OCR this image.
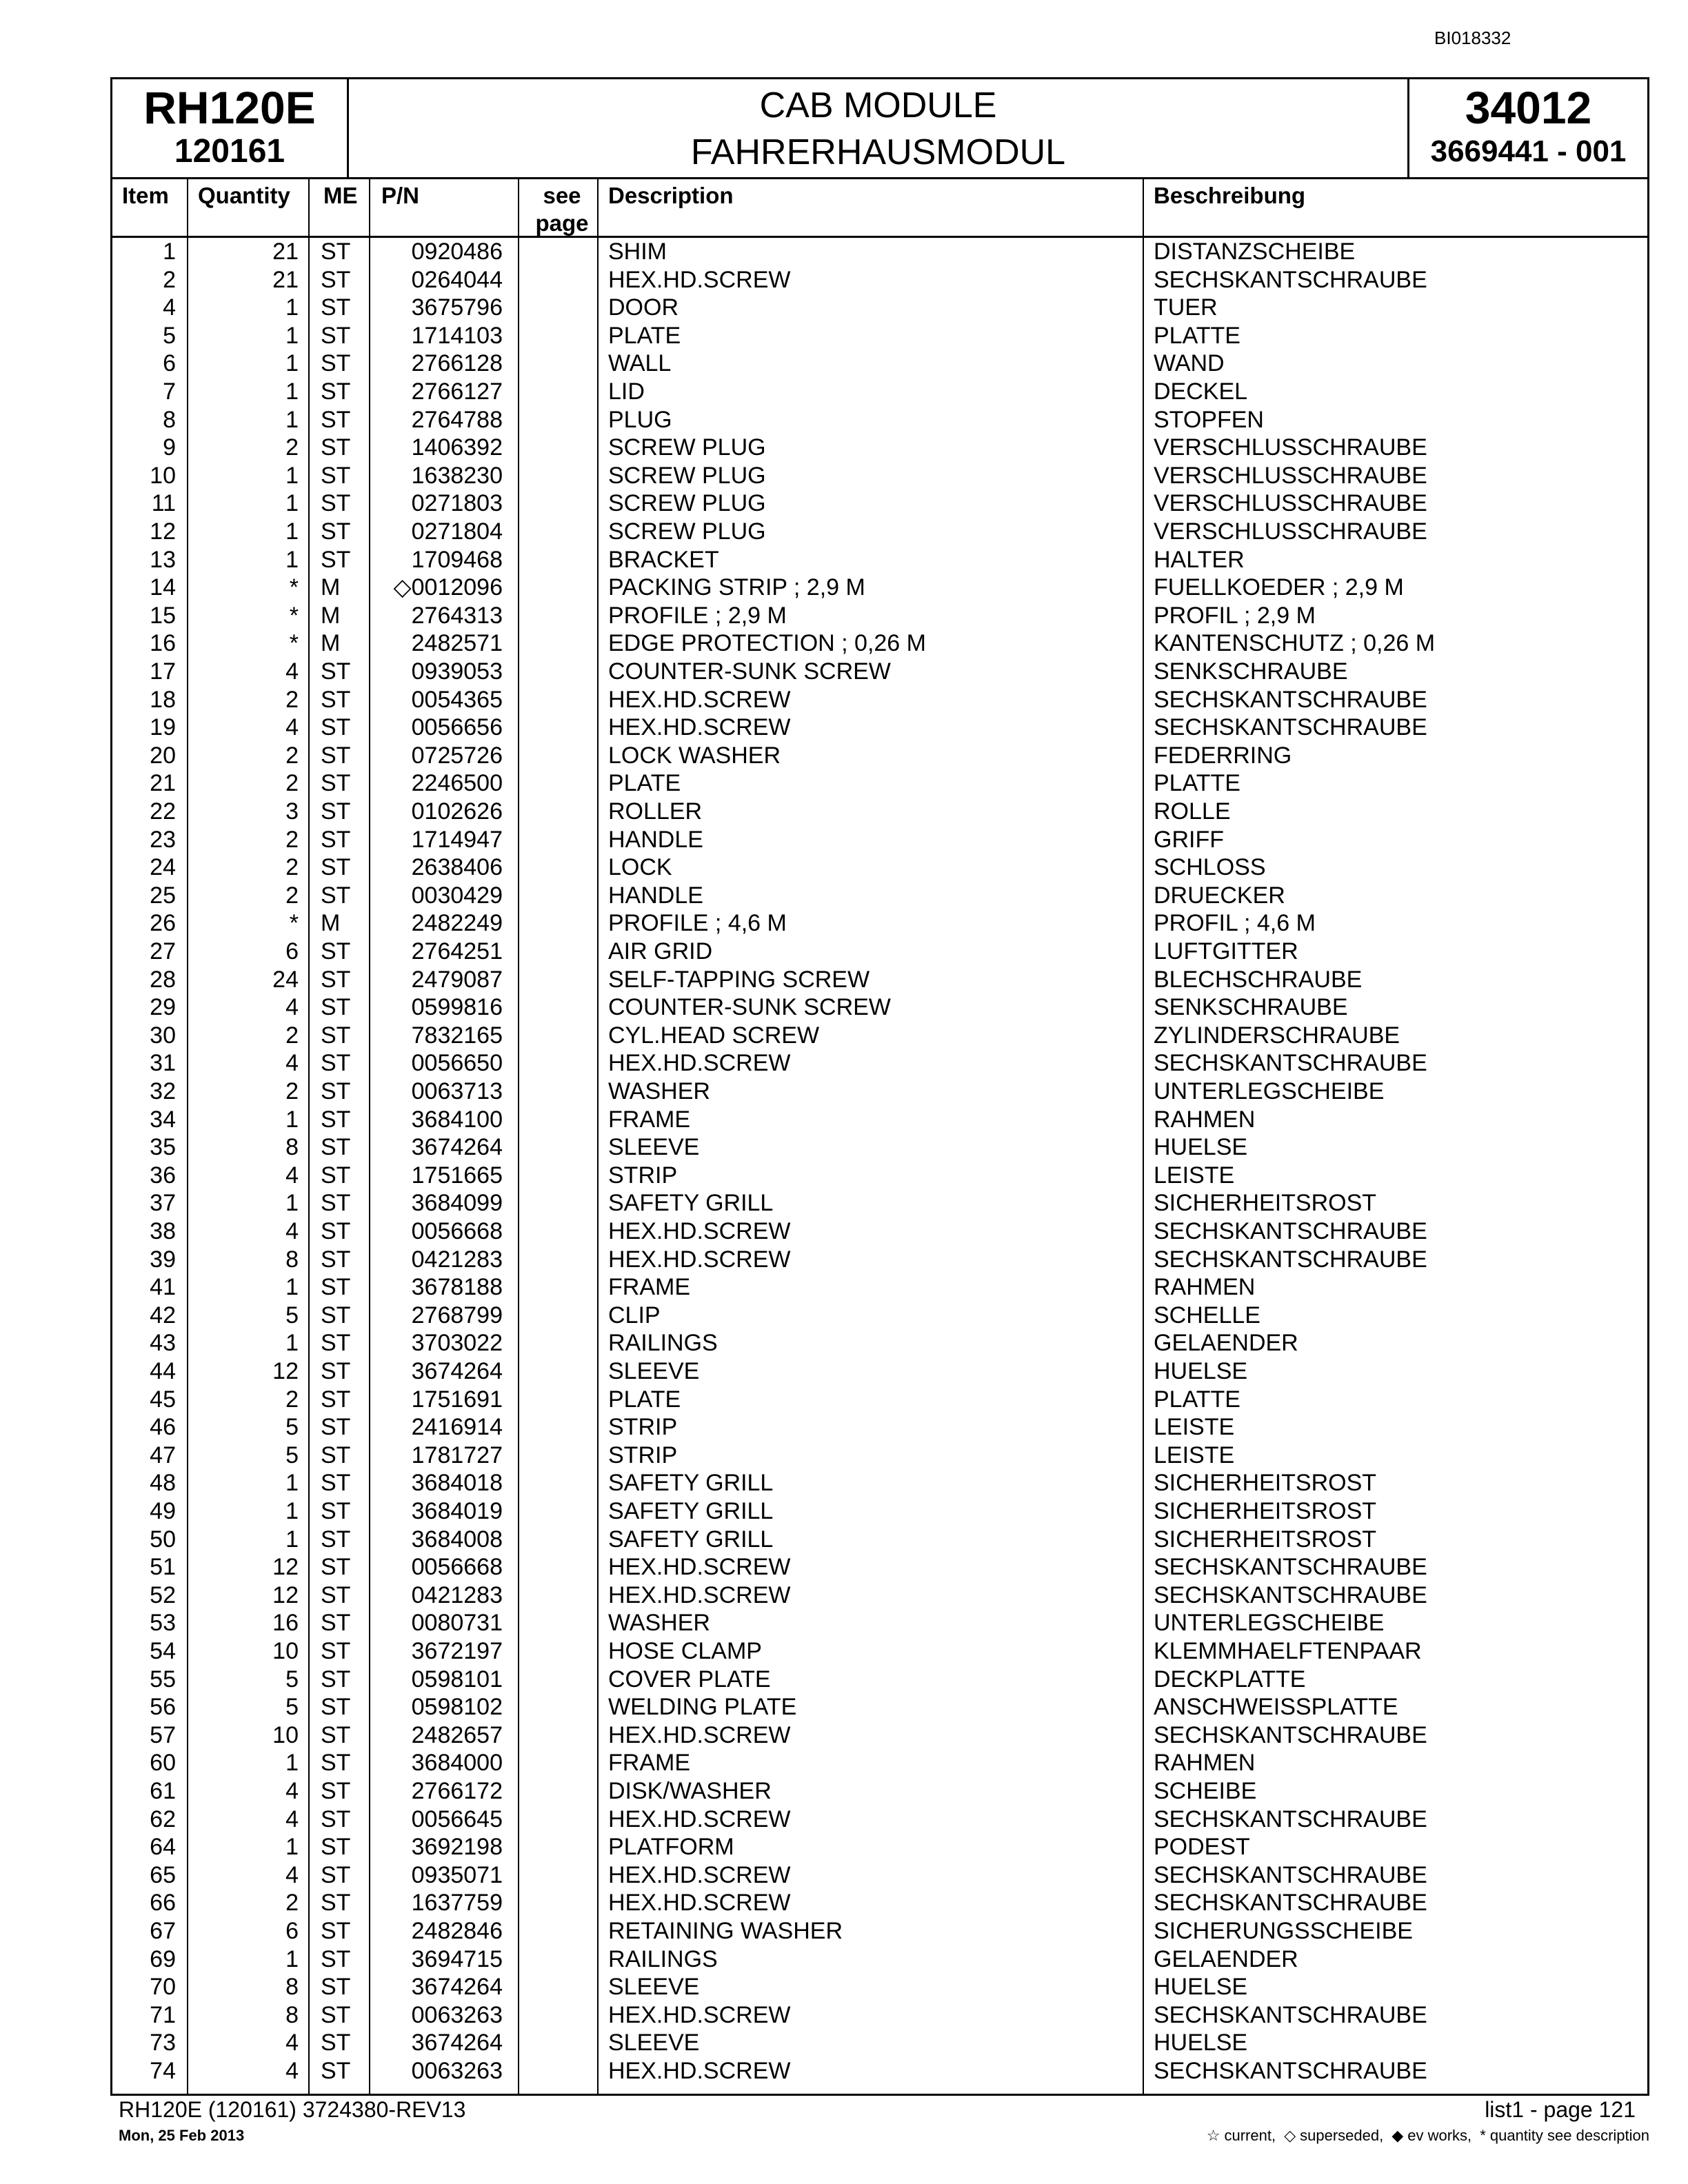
BI018332
RH120E
120161
CAB MODULE
FAHRERHAUSMODUL
34012
3669441 - 001
Item	Quantity	ME	P/N	see
page
Description	Beschreibung
1	21 ST	0920486	SHIM	DISTANZSCHEIBE
2	21 ST	0264044	HEX.HD.SCREW	SECHSKANTSCHRAUBE
4	1 ST	3675796	DOOR	TUER
5	1 ST	1714103	PLATE	PLATTE
6	1 ST	2766128	WALL	WAND
7	1 ST	2766127	LID	DECKEL
8	1 ST	2764788	PLUG	STOPFEN
9	2 ST	1406392	SCREW PLUG	VERSCHLUSSCHRAUBE
10	1 ST	1638230	SCREW PLUG	VERSCHLUSSCHRAUBE
11	1 ST	0271803	SCREW PLUG	VERSCHLUSSCHRAUBE
12	1 ST	0271804	SCREW PLUG	VERSCHLUSSCHRAUBE
13	1 ST	1709468	BRACKET	HALTER
14	* M	◇0012096	PACKING STRIP ; 2,9 M	FUELLKOEDER ; 2,9 M
15	* M	2764313	PROFILE ; 2,9 M	PROFIL ; 2,9 M
16	* M	2482571	EDGE PROTECTION ; 0,26 M	KANTENSCHUTZ ; 0,26 M
17	4 ST	0939053	COUNTER-SUNK SCREW	SENKSCHRAUBE
18	2 ST	0054365	HEX.HD.SCREW	SECHSKANTSCHRAUBE
19	4 ST	0056656	HEX.HD.SCREW	SECHSKANTSCHRAUBE
20	2 ST	0725726	LOCK WASHER	FEDERRING
21	2 ST	2246500	PLATE	PLATTE
22	3 ST	0102626	ROLLER	ROLLE
23	2 ST	1714947	HANDLE	GRIFF
24	2 ST	2638406	LOCK	SCHLOSS
25	2 ST	0030429	HANDLE	DRUECKER
26	* M	2482249	PROFILE ; 4,6 M	PROFIL ; 4,6 M
27	6 ST	2764251	AIR GRID	LUFTGITTER
28	24 ST	2479087	SELF-TAPPING SCREW	BLECHSCHRAUBE
29	4 ST	0599816	COUNTER-SUNK SCREW	SENKSCHRAUBE
30	2 ST	7832165	CYL.HEAD SCREW	ZYLINDERSCHRAUBE
31	4 ST	0056650	HEX.HD.SCREW	SECHSKANTSCHRAUBE
32	2 ST	0063713	WASHER	UNTERLEGSCHEIBE
34	1 ST	3684100	FRAME	RAHMEN
35	8 ST	3674264	SLEEVE	HUELSE
36	4 ST	1751665	STRIP	LEISTE
37	1 ST	3684099	SAFETY GRILL	SICHERHEITSROST
38	4 ST	0056668	HEX.HD.SCREW	SECHSKANTSCHRAUBE
39	8 ST	0421283	HEX.HD.SCREW	SECHSKANTSCHRAUBE
41	1 ST	3678188	FRAME	RAHMEN
42	5 ST	2768799	CLIP	SCHELLE
43	1 ST	3703022	RAILINGS	GELAENDER
44	12 ST	3674264	SLEEVE	HUELSE
45	2 ST	1751691	PLATE	PLATTE
46	5 ST	2416914	STRIP	LEISTE
47	5 ST	1781727	STRIP	LEISTE
48	1 ST	3684018	SAFETY GRILL	SICHERHEITSROST
49	1 ST	3684019	SAFETY GRILL	SICHERHEITSROST
50	1 ST	3684008	SAFETY GRILL	SICHERHEITSROST
51	12 ST	0056668	HEX.HD.SCREW	SECHSKANTSCHRAUBE
52	12 ST	0421283	HEX.HD.SCREW	SECHSKANTSCHRAUBE
53	16 ST	0080731	WASHER	UNTERLEGSCHEIBE
54	10 ST	3672197	HOSE CLAMP	KLEMMHAELFTENPAAR
55	5 ST	0598101	COVER PLATE	DECKPLATTE
56	5 ST	0598102	WELDING PLATE	ANSCHWEISSPLATTE
57	10 ST	2482657	HEX.HD.SCREW	SECHSKANTSCHRAUBE
60	1 ST	3684000	FRAME	RAHMEN
61	4 ST	2766172	DISK/WASHER	SCHEIBE
62	4 ST	0056645	HEX.HD.SCREW	SECHSKANTSCHRAUBE
64	1 ST	3692198	PLATFORM	PODEST
65	4 ST	0935071	HEX.HD.SCREW	SECHSKANTSCHRAUBE
66	2 ST	1637759	HEX.HD.SCREW	SECHSKANTSCHRAUBE
67	6 ST	2482846	RETAINING WASHER	SICHERUNGSSCHEIBE
69	1 ST	3694715	RAILINGS	GELAENDER
70	8 ST	3674264	SLEEVE	HUELSE
71	8 ST	0063263	HEX.HD.SCREW	SECHSKANTSCHRAUBE
73	4 ST	3674264	SLEEVE	HUELSE
74	4 ST	0063263	HEX.HD.SCREW	SECHSKANTSCHRAUBE
RH120E (120161) 3724380-REV13
Mon, 25 Feb 2013
list1 - page 121
☆ current, ◇ superseded, ◆ ev works, * quantity see description
